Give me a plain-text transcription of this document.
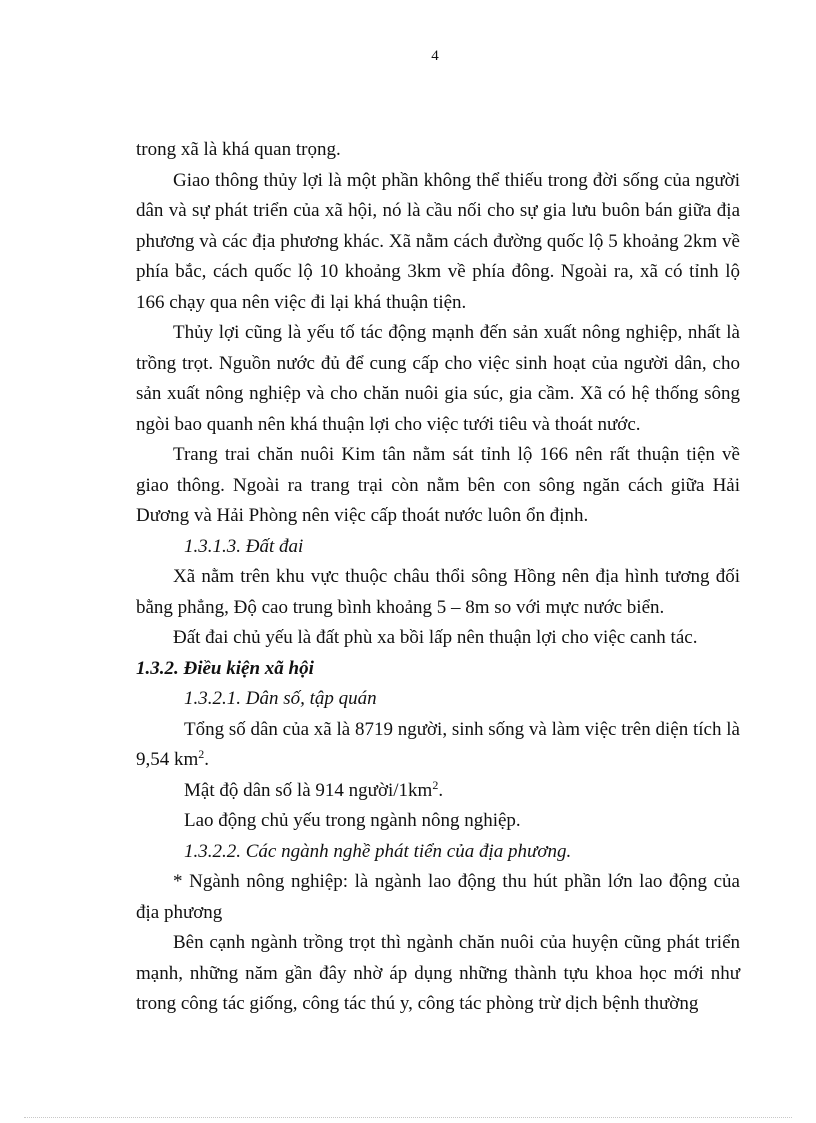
4

trong xã là khá quan trọng.

Giao thông thủy lợi là một phần không thể thiếu trong đời sống của người dân và sự phát triển của xã hội, nó là cầu nối cho sự gia lưu buôn bán giữa địa phương và các địa phương khác. Xã nằm cách đường quốc lộ 5 khoảng 2km về phía bắc, cách quốc lộ 10 khoảng 3km về phía đông. Ngoài ra, xã có tỉnh lộ 166 chạy qua nên việc đi lại khá thuận tiện.

Thủy lợi cũng là yếu tố tác động mạnh đến sản xuất nông nghiệp, nhất là trồng trọt. Nguồn nước đủ để cung cấp cho việc sinh hoạt của người dân, cho sản xuất nông nghiệp và cho chăn nuôi gia súc, gia cầm. Xã có hệ thống sông ngòi bao quanh nên khá thuận lợi cho việc tưới tiêu và thoát nước.

Trang trai chăn nuôi Kim tân nằm sát tỉnh lộ 166 nên rất thuận tiện về giao thông. Ngoài ra trang trại còn nằm bên con sông ngăn cách giữa Hải Dương và Hải Phòng nên việc cấp thoát nước luôn ổn định.

1.3.1.3. Đất đai

Xã nằm trên khu vực thuộc châu thổi sông Hồng nên địa hình tương đối bằng phẳng, Độ cao trung bình khoảng 5 – 8m so với mực nước biển.

Đất đai chủ yếu là đất phù xa bồi lấp nên thuận lợi cho việc canh tác.

1.3.2. Điều kiện xã hội

1.3.2.1. Dân số, tập quán

Tổng số dân của xã là 8719 người, sinh sống và làm việc trên diện tích là 9,54 $km^2$.

Mật độ dân số là 914 người/$1km^2$.

Lao động chủ yếu trong ngành nông nghiệp.

1.3.2.2. Các ngành nghề phát tiển của địa phương.

* Ngành nông nghiệp: là ngành lao động thu hút phần lớn lao động của địa phương

Bên cạnh ngành trồng trọt thì ngành chăn nuôi của huyện cũng phát triển mạnh, những năm gần đây nhờ áp dụng những thành tựu khoa học mới như trong công tác giống, công tác thú y, công tác phòng trừ dịch bệnh thường
